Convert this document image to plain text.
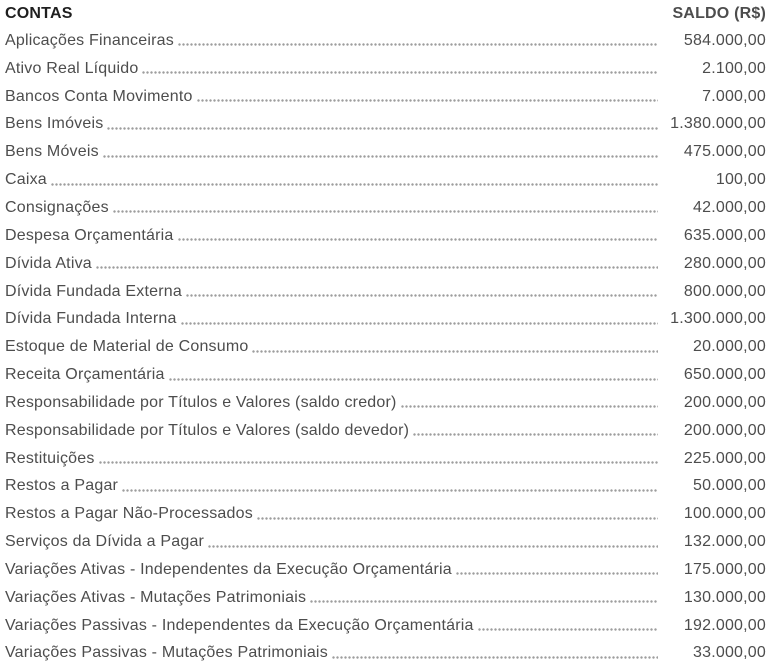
CONTAS	SALDO (R$)
Aplicações Financeiras	584.000,00
Ativo Real Líquido	2.100,00
Bancos Conta Movimento	7.000,00
Bens Imóveis	1.380.000,00
Bens Móveis	475.000,00
Caixa	100,00
Consignações	42.000,00
Despesa Orçamentária	635.000,00
Dívida Ativa	280.000,00
Dívida Fundada Externa	800.000,00
Dívida Fundada Interna	1.300.000,00
Estoque de Material de Consumo	20.000,00
Receita Orçamentária	650.000,00
Responsabilidade por Títulos e Valores (saldo credor)	200.000,00
Responsabilidade por Títulos e Valores (saldo devedor)	200.000,00
Restituições	225.000,00
Restos a Pagar	50.000,00
Restos a Pagar Não-Processados	100.000,00
Serviços da Dívida a Pagar	132.000,00
Variações Ativas - Independentes da Execução Orçamentária	175.000,00
Variações Ativas - Mutações Patrimoniais	130.000,00
Variações Passivas - Independentes da Execução Orçamentária	192.000,00
Variações Passivas - Mutações Patrimoniais	33.000,00
